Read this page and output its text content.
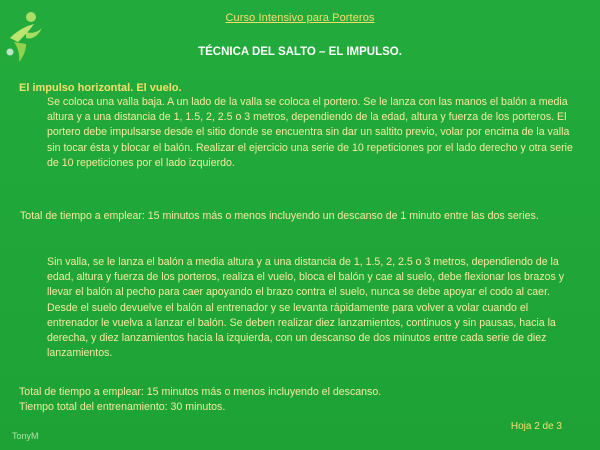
Curso Intensivo para Porteros
TÉCNICA DEL SALTO – EL IMPULSO.
El impulso horizontal. El vuelo.

Se coloca una valla baja. A un lado de la valla se coloca el portero. Se le lanza con las manos el balón a media altura y a una distancia de 1, 1.5, 2, 2.5 o 3 metros, dependiendo de la edad, altura y fuerza de los porteros. El portero debe impulsarse desde el sitio donde se encuentra sin dar un saltito previo, volar por encima de la valla sin tocar ésta y blocar el balón. Realizar el ejercicio una serie de 10 repeticiones por el lado derecho y otra serie de 10 repeticiones por el lado izquierdo.

Total de tiempo a emplear: 15 minutos más o menos incluyendo un descanso de 1 minuto entre las dos series.

Sin valla, se le lanza el balón a media altura y a una distancia de 1, 1.5, 2, 2.5 o 3 metros, dependiendo de la edad, altura y fuerza de los porteros, realiza el vuelo, bloca el balón y cae al suelo, debe flexionar los brazos y llevar el balón al pecho para caer apoyando el brazo contra el suelo, nunca se debe apoyar el codo al caer. Desde el suelo devuelve el balón al entrenador y se levanta rápidamente para volver a volar cuando el entrenador le vuelva a lanzar el balón. Se deben realizar diez lanzamientos, continuos y sin pausas, hacia la derecha, y diez lanzamientos hacia la izquierda, con un descanso de dos minutos entre cada serie de diez lanzamientos.

Total de tiempo a emplear: 15 minutos más o menos incluyendo el descanso.
Tiempo total del entrenamiento: 30 minutos.
TonyM
Hoja 2 de 3
